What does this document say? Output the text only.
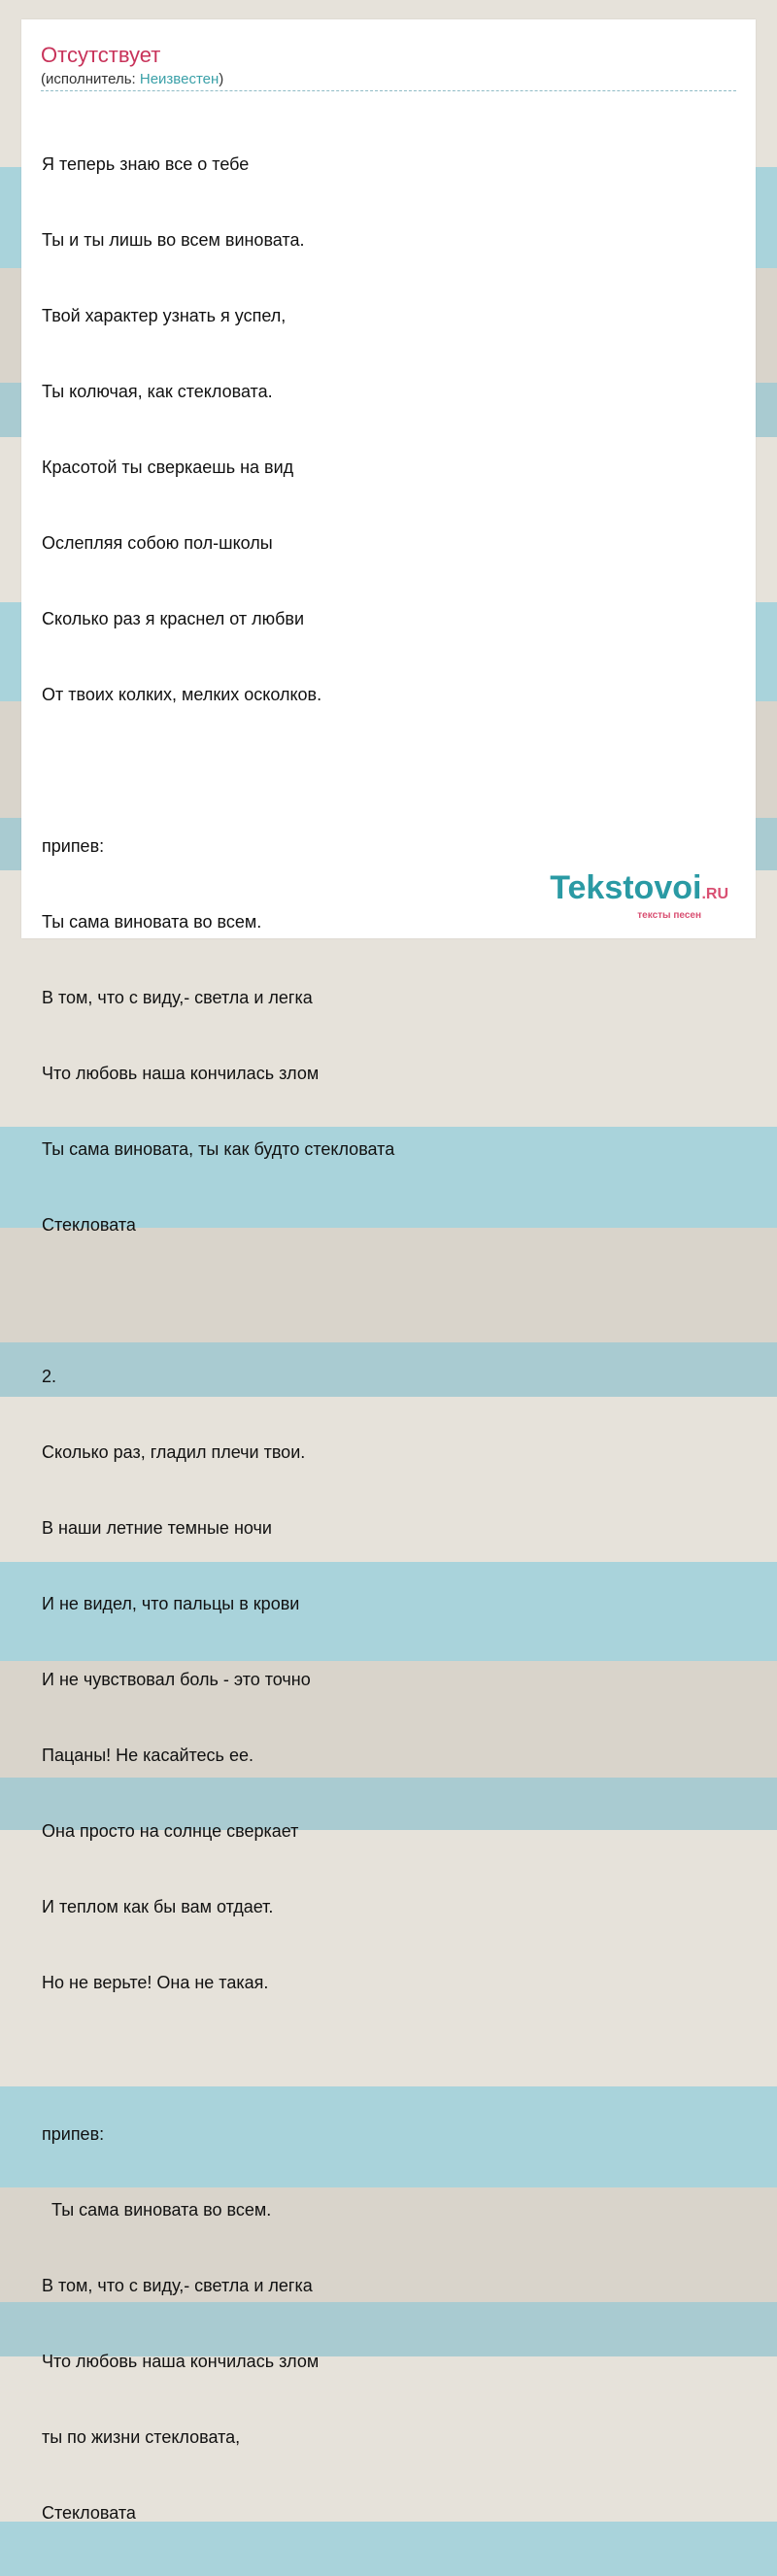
Отсутствует
(исполнитель: Неизвестен)

Я теперь знаю все о тебе

Ты и ты лишь во всем виновата.

Твой характер узнать я успел,

Ты колючая, как стекловата.

Красотой ты сверкаешь на вид

Ослепляя собою пол-школы

Сколько раз я краснел от любви

От твоих колких, мелких осколков.

припев:

Ты сама виновата во всем.

В том, что с виду,- светла и легка

Что любовь наша кончилась злом

Ты сама виновата, ты как будто стекловата

Стекловата

2.

Сколько раз, гладил плечи твои.

В наши летние темные ночи

И не видел, что пальцы в крови

И не чувствовал боль - это точно

Пацаны! Не касайтесь ее.

Она просто на солнце сверкает

И теплом как бы вам отдает.

Но не верьте! Она не такая.

припев:

Ты сама виновата во всем.

В том, что с виду,- светла и легка

Что любовь наша кончилась злом

ты по жизни стекловата,

Стекловата

Tekstovoi.RU
тексты песен
